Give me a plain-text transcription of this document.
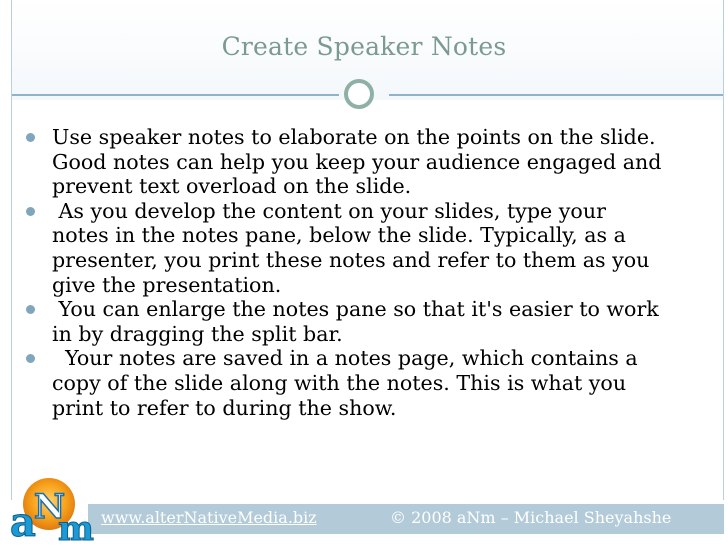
Create Speaker Notes
Use speaker notes to elaborate on the points on the slide.
Good notes can help you keep your audience engaged and
prevent text overload on the slide.
As you develop the content on your slides, type your
notes in the notes pane, below the slide. Typically, as a
presenter, you print these notes and refer to them as you
give the presentation.
You can enlarge the notes pane so that it's easier to work
in by dragging the split bar.
Your notes are saved in a notes page, which contains a
copy of the slide along with the notes. This is what you
print to refer to during the show.
www.alterNativeMedia.biz	© 2008 aNm – Michael Sheyahshe
a
N
m
